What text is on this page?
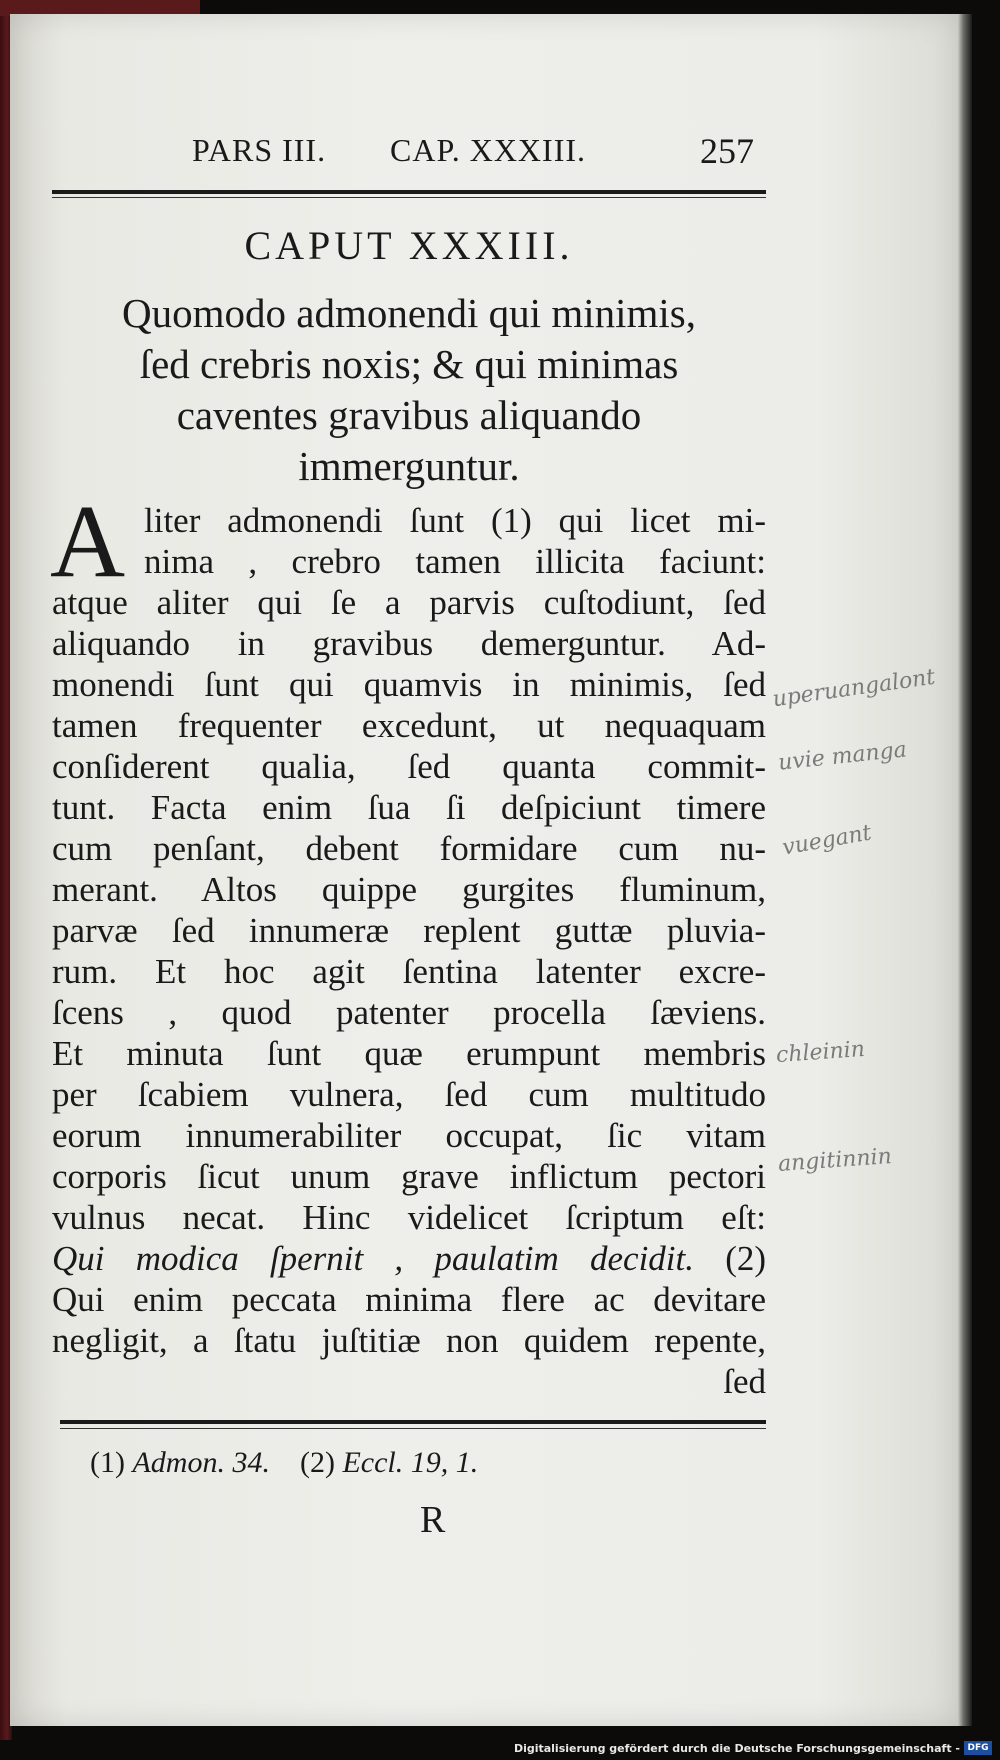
PARS III. CAP. XXXIII.	257
CAPUT XXXIII.
Quomodo admonendi qui minimis,
ſed crebris noxis; & qui minimas
caventes gravibus aliquando
immerguntur.
A liter admonendi ſunt (1) qui licet mi-
nima , crebro tamen illicita faciunt:
atque aliter qui ſe a parvis cuſtodiunt, ſed
aliquando in gravibus demerguntur. Ad-
monendi ſunt qui quamvis in minimis, ſed
tamen frequenter excedunt, ut nequaquam
conſiderent qualia, ſed quanta commit-
tunt. Facta enim ſua ſi deſpiciunt timere
cum penſant, debent formidare cum nu-
merant. Altos quippe gurgites fluminum,
parvæ ſed innumeræ replent guttæ pluvia-
rum. Et hoc agit ſentina latenter excre-
ſcens , quod patenter procella ſæviens.
Et minuta ſunt quæ erumpunt membris
per ſcabiem vulnera, ſed cum multitudo
eorum innumerabiliter occupat, ſic vitam
corporis ſicut unum grave inflictum pectori
vulnus necat. Hinc videlicet ſcriptum eſt:
Qui modica ſpernit , paulatim decidit. (2)
Qui enim peccata minima flere ac devitare
negligit, a ſtatu juſtitiæ non quidem repente,
ſed
(1) Admon. 34. (2) Eccl. 19, 1.
R
uperuangalont
uvie manga
vuegant
chleinin
angitinnin
Digitalisierung gefördert durch die Deutsche Forschungsgemeinschaft - DFG
